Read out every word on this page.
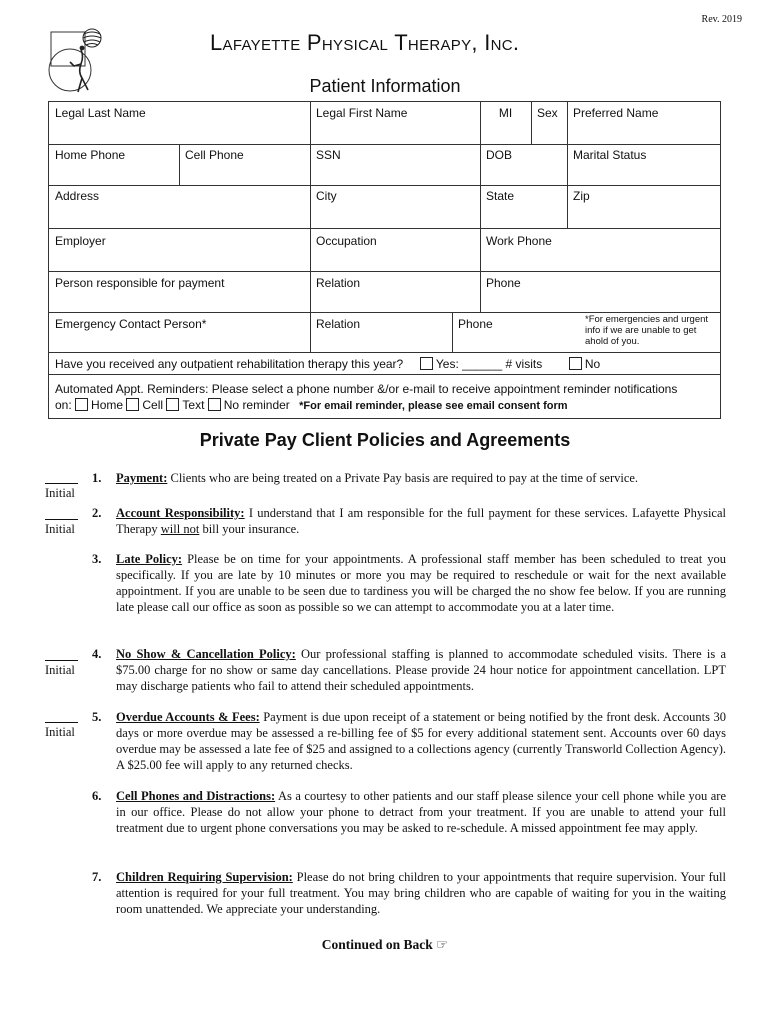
Rev. 2019
Lafayette Physical Therapy, Inc.
Patient Information
Legal Last Name	Legal First Name	MI	Sex	Preferred Name
Home Phone	Cell Phone	SSN	DOB	Marital Status
Address	City	State	Zip
Employer	Occupation	Work Phone
Person responsible for payment	Relation	Phone
Emergency Contact Person*	Relation	Phone	*For emergencies and urgent info if we are unable to get ahold of you.
Have you received any outpatient rehabilitation therapy this year?	Yes: ______ # visits	No
Automated Appt. Reminders: Please select a phone number &/or e-mail to receive appointment reminder notifications
on: Home Cell Text No reminder *For email reminder, please see email consent form
Private Pay Client Policies and Agreements
Initial
Initial
Initial
Initial
1. Payment: Clients who are being treated on a Private Pay basis are required to pay at the time of service.
2. Account Responsibility: I understand that I am responsible for the full payment for these services. Lafayette Physical Therapy will not bill your insurance.
3. Late Policy: Please be on time for your appointments. A professional staff member has been scheduled to treat you specifically. If you are late by 10 minutes or more you may be required to reschedule or wait for the next available appointment. If you are unable to be seen due to tardiness you will be charged the no show fee below. If you are running late please call our office as soon as possible so we can attempt to accommodate you at a later time.
4. No Show & Cancellation Policy: Our professional staffing is planned to accommodate scheduled visits. There is a $75.00 charge for no show or same day cancellations. Please provide 24 hour notice for appointment cancellation. LPT may discharge patients who fail to attend their scheduled appointments.
5. Overdue Accounts & Fees: Payment is due upon receipt of a statement or being notified by the front desk. Accounts 30 days or more overdue may be assessed a re-billing fee of $5 for every additional statement sent. Accounts over 60 days overdue may be assessed a late fee of $25 and assigned to a collections agency (currently Transworld Collection Agency). A $25.00 fee will apply to any returned checks.
6. Cell Phones and Distractions: As a courtesy to other patients and our staff please silence your cell phone while you are in our office. Please do not allow your phone to detract from your treatment. If you are unable to attend your full treatment due to urgent phone conversations you may be asked to re-schedule. A missed appointment fee may apply.
7. Children Requiring Supervision: Please do not bring children to your appointments that require supervision. Your full attention is required for your full treatment. You may bring children who are capable of waiting for you in the waiting room unattended. We appreciate your understanding.
Continued on Back ☞
